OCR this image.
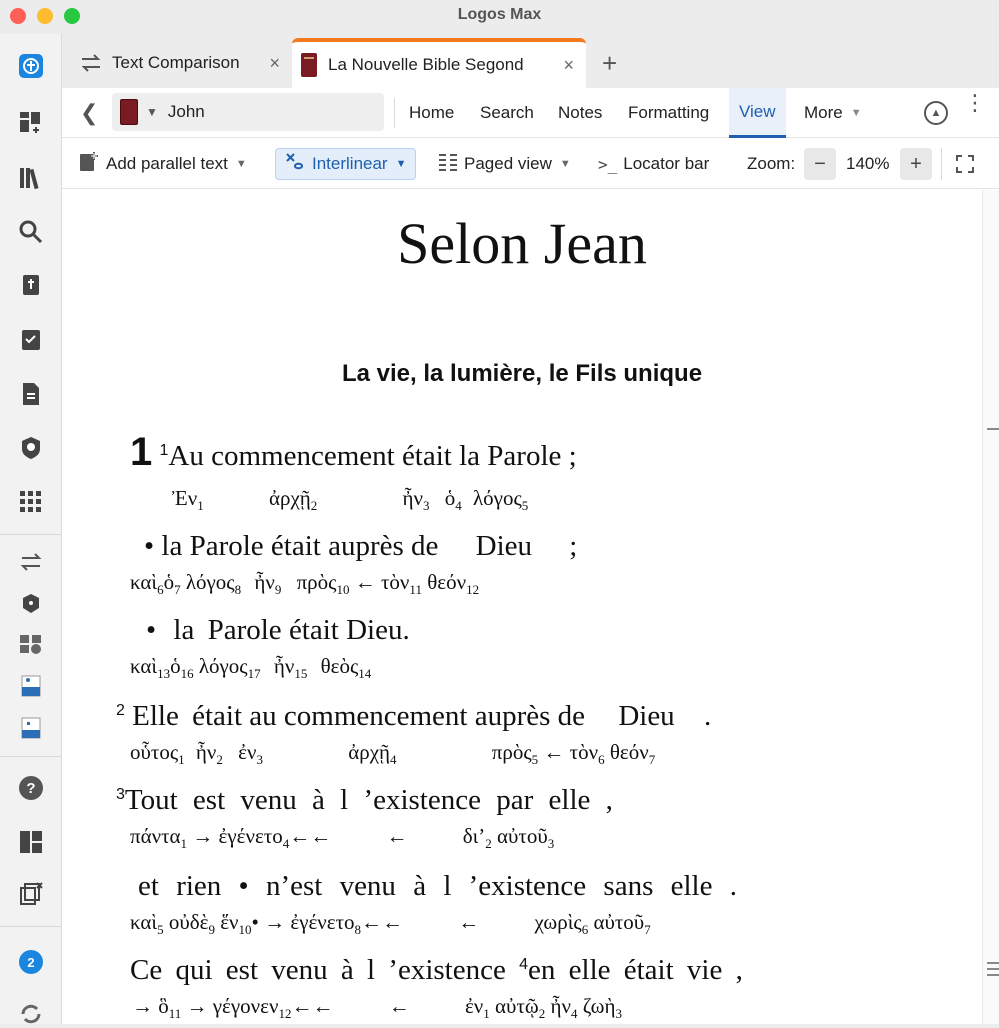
Logos Max
?
2
Text Comparison ×	La Nouvelle Bible Segond × +
❮	▼ John	Home Search Notes Formatting	View	More ▼	▲ ⋮
Add parallel text ▼	Interlinear ▼	Paged view ▼ >_ Locator bar Zoom: −	140%	+
Selon Jean
La vie, la lumière, le Fils unique
1 $^1$Au commencement était la Parole ;
Ἐν$_1$	ἀρχῇ$_2$	ἦν$_3$ ὁ$_4$ λόγος$_5$
• la Parole était auprès de Dieu ;
καὶ$_6$ὁ$_7$ λόγος$_8$ ἦν$_9$ πρὸς$_{10}$ ← τὸν$_{11}$ θεόν$_{12}$
• la Parole était Dieu.
καὶ$_{13}$ὁ$_{16}$ λόγος$_{17}$ ἦν$_{15}$ θεὸς$_{14}$
$^2$ Elle était au commencement auprès de Dieu .
οὗτος$_1$ ἦν$_2$ ἐν$_3$	ἀρχῇ$_4$	πρὸς$_5$ ← τὸν$_6$ θεόν$_7$
$^3$Tout est venu à l ’existence par elle ,
πάντα$_1$ → ἐγένετο$_4$←←	←	$\delta\iota’_2$ αὐτοῦ$_3$
et rien • n’est venu à l ’existence sans elle .
καὶ$_5$ οὐδὲ$_9$ ἕν$_{10}$• → ἐγένετο$_8$←←	←	χωρὶς$_6$ αὐτοῦ$_7$
Ce qui est venu à l ’existence $^4$en elle était vie ,
→ ὃ$_{11}$ → γέγονεν$_{12}$←←	←	ἐν$_1$ αὐτῷ$_2$ ἦν$_4$ ζωὴ$_3$
